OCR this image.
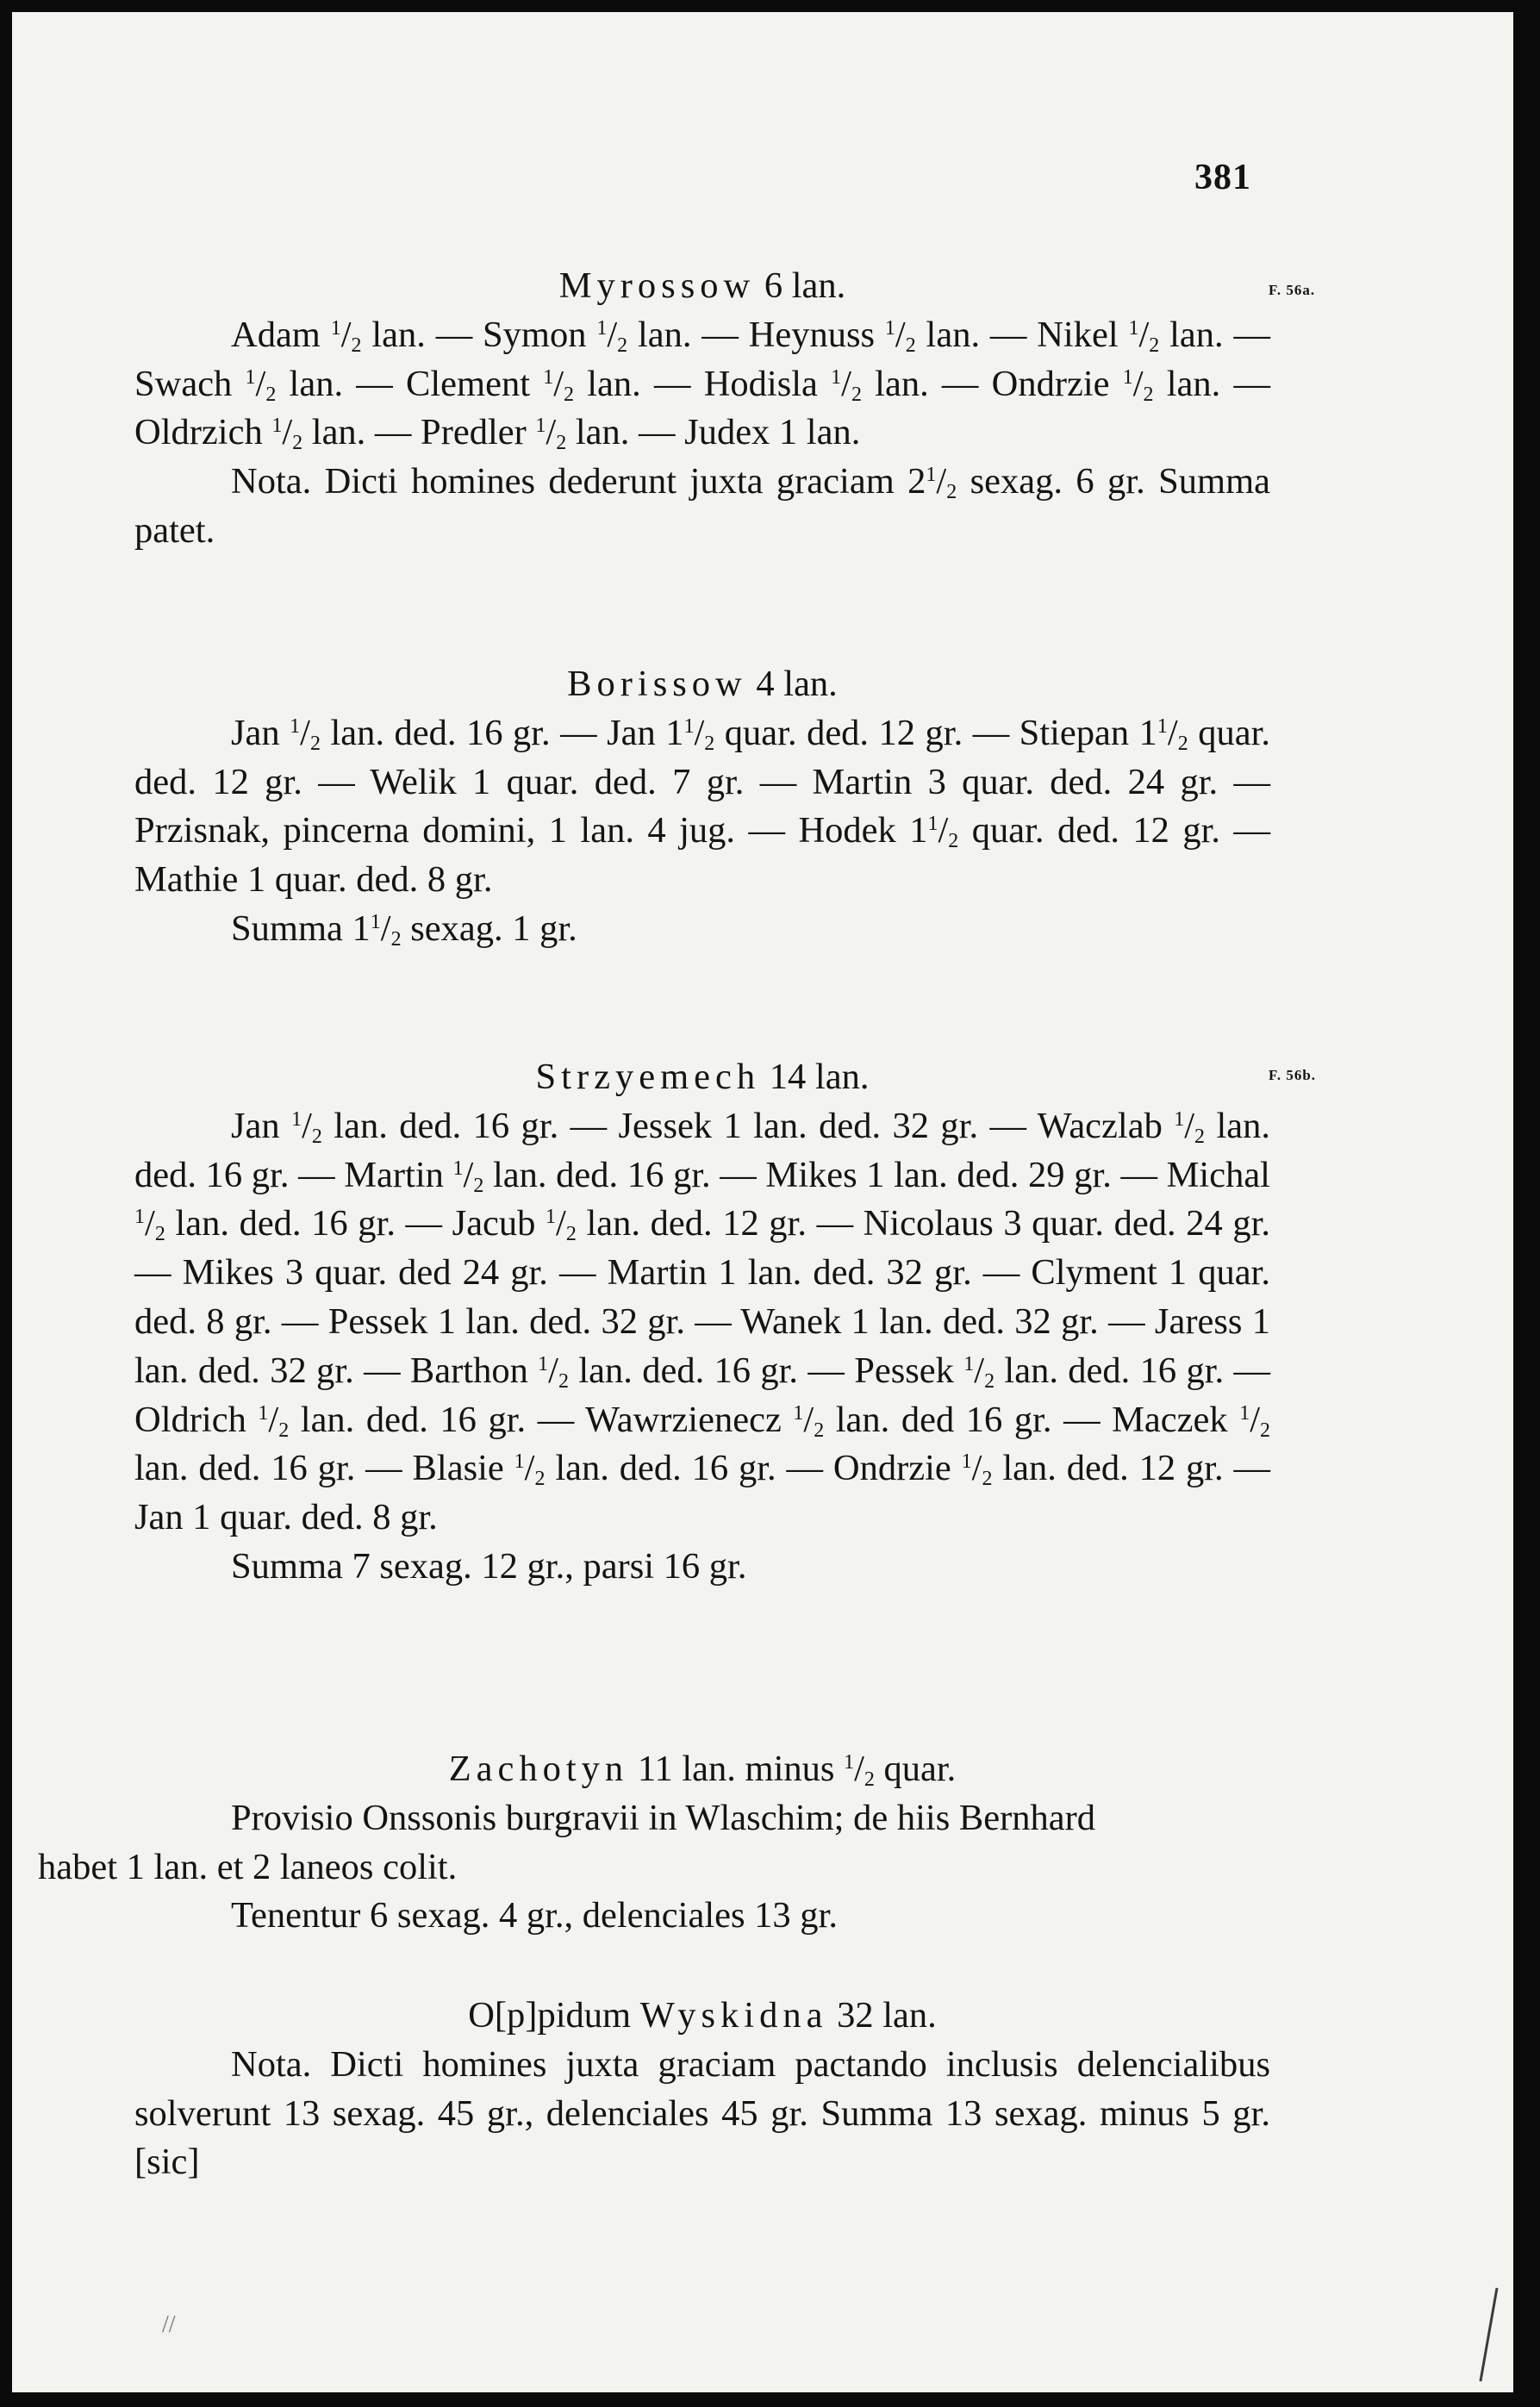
381
F. 56a.
F. 56b.
Myrossow 6 lan.

Adam $^1/_2$ lan. — Symon $^1/_2$ lan. — Heynuss $^1/_2$ lan. — Nikel $^1/_2$ lan. — Swach $^1/_2$ lan. — Clement $^1/_2$ lan. — Hodisla $^1/_2$ lan. — Ondrzie $^1/_2$ lan. — Oldrzich $^1/_2$ lan. — Predler $^1/_2$ lan. — Judex 1 lan.

Nota. Dicti homines dederunt juxta graciam $2^1/_2$ sexag. 6 gr. Summa patet.

Borissow 4 lan.

Jan $^1/_2$ lan. ded. 16 gr. — Jan $1^1/_2$ quar. ded. 12 gr. — Stiepan $1^1/_2$ quar. ded. 12 gr. — Welik 1 quar. ded. 7 gr. — Martin 3 quar. ded. 24 gr. — Przisnak, pincerna domini, 1 lan. 4 jug. — Hodek $1^1/_2$ quar. ded. 12 gr. — Mathie 1 quar. ded. 8 gr.

Summa $1^1/_2$ sexag. 1 gr.

Strzyemech 14 lan.

Jan $^1/_2$ lan. ded. 16 gr. — Jessek 1 lan. ded. 32 gr. — Waczlab $^1/_2$ lan. ded. 16 gr. — Martin $^1/_2$ lan. ded. 16 gr. — Mikes 1 lan. ded. 29 gr. — Michal $^1/_2$ lan. ded. 16 gr. — Jacub $^1/_2$ lan. ded. 12 gr. — Nicolaus 3 quar. ded. 24 gr. — Mikes 3 quar. ded 24 gr. — Martin 1 lan. ded. 32 gr. — Clyment 1 quar. ded. 8 gr. — Pessek 1 lan. ded. 32 gr. — Wanek 1 lan. ded. 32 gr. — Jaress 1 lan. ded. 32 gr. — Barthon $^1/_2$ lan. ded. 16 gr. — Pessek $^1/_2$ lan. ded. 16 gr. — Oldrich $^1/_2$ lan. ded. 16 gr. — Wawrzienecz $^1/_2$ lan. ded 16 gr. — Maczek $^1/_2$ lan. ded. 16 gr. — Blasie $^1/_2$ lan. ded. 16 gr. — Ondrzie $^1/_2$ lan. ded. 12 gr. — Jan 1 quar. ded. 8 gr.

Summa 7 sexag. 12 gr., parsi 16 gr.

Zachotyn 11 lan. minus $^1/_2$ quar.

Provisio Onssonis burgravii in Wlaschim; de hiis Bernhard
habet 1 lan. et 2 laneos colit.

Tenentur 6 sexag. 4 gr., delenciales 13 gr.

O[p]pidum Wyskidna 32 lan.

Nota. Dicti homines juxta graciam pactando inclusis delencialibus solverunt 13 sexag. 45 gr., delenciales 45 gr. Summa 13 sexag. minus 5 gr. [sic]

//
